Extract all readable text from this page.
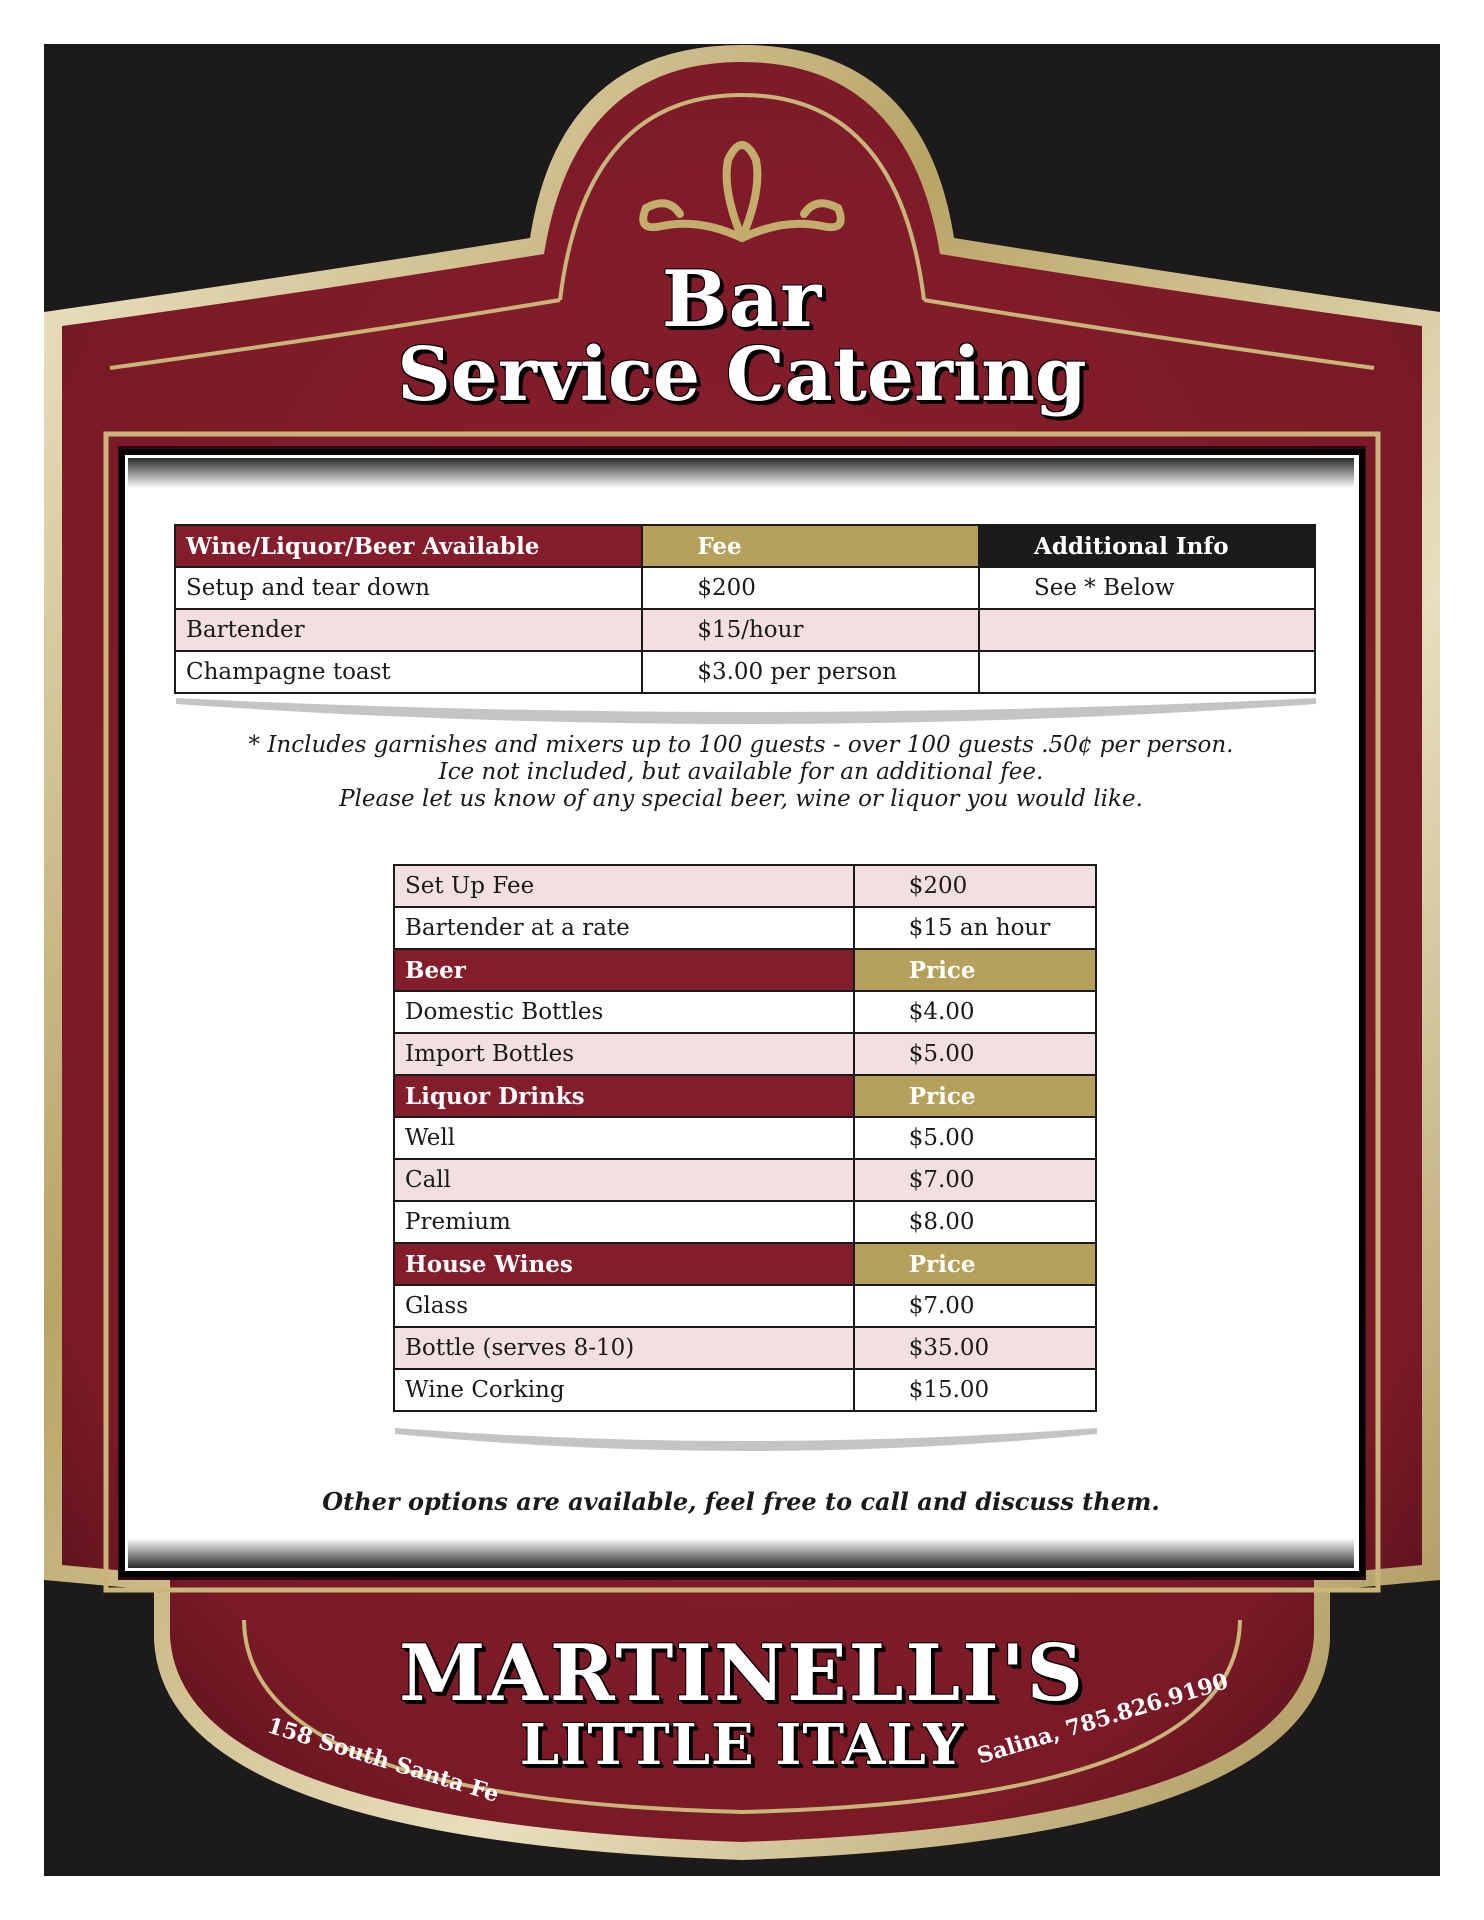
Bar
Service Catering
Wine/Liquor/Beer Available	Fee	Additional Info
Setup and tear down	$200	See * Below
Bartender	$15/hour	
Champagne toast	$3.00 per person	

* Includes garnishes and mixers up to 100 guests - over 100 guests .50¢ per person.

Ice not included, but available for an additional fee.

Please let us know of any special beer, wine or liquor you would like.

Set Up Fee	$200
Bartender at a rate	$15 an hour
Beer	Price
Domestic Bottles	$4.00
Import Bottles	$5.00
Liquor Drinks	Price
Well	$5.00
Call	$7.00
Premium	$8.00
House Wines	Price
Glass	$7.00
Bottle (serves 8-10)	$35.00
Wine Corking	$15.00

Other options are available, feel free to call and discuss them.

MARTINELLI'S

LITTLE ITALY

158 South Santa Fe	Salina, 785.826.9190
